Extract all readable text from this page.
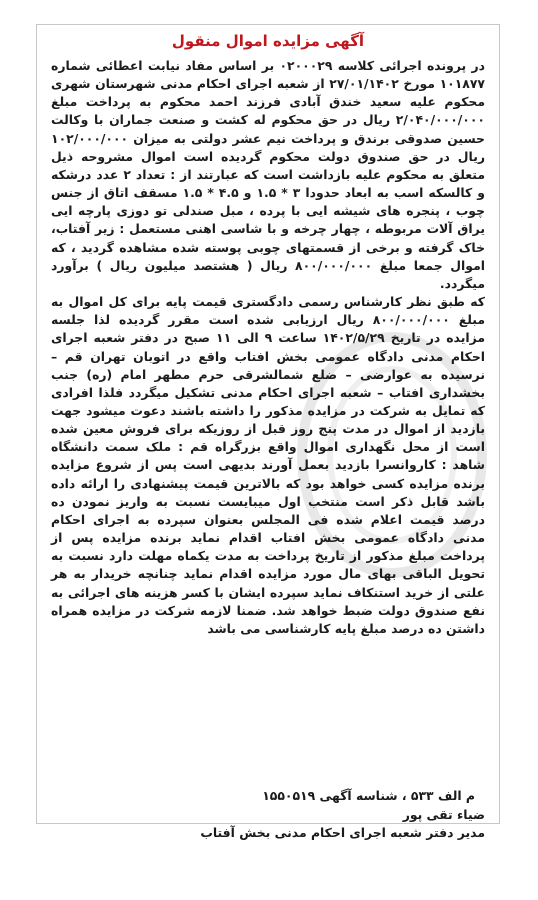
آگهی مزایده اموال منقول

در پرونده اجرائی کلاسه ۰۲۰۰۰۲۹ بر اساس مفاد نیابت اعطائی شماره ۱۰۱۸۷۷ مورخ ۲۷/۰۱/۱۴۰۲ از شعبه اجرای احکام مدنی شهرستان شهری محکوم علیه سعید خندق آبادی فرزند احمد محکوم به پرداخت مبلغ ۲/۰۴۰/۰۰۰/۰۰۰ ریال در حق محکوم له کشت و صنعت جماران با وکالت حسین صدوقی برندق و پرداخت نیم عشر دولتی به میزان ۱۰۲/۰۰۰/۰۰۰ ریال در حق صندوق دولت محکوم گردیده است اموال مشروحه ذیل متعلق به محکوم علیه بازداشت است که عبارتند از : تعداد ۲ عدد درشکه و کالسکه اسب به ابعاد حدودا ۳ * ۱.۵ و ۴.۵ * ۱.۵ مسقف اتاق از جنس چوب ، پنجره های شیشه ایی با پرده ، مبل صندلی تو دوزی پارچه ایی یراق آلات مربوطه ، چهار چرخه و با شاسی اهنی مستعمل : زیر آفتاب، خاک گرفته و برخی از قسمتهای چوبی پوسته شده مشاهده گردید ، که اموال جمعا مبلغ ۸۰۰/۰۰۰/۰۰۰ ریال ( هشتصد میلیون ریال ) برآورد میگردد.

که طبق نظر کارشناس رسمی دادگستری قیمت پایه برای کل اموال به مبلغ ۸۰۰/۰۰۰/۰۰۰ ریال ارزیابی شده است مقرر گردیده لذا جلسه مزایده در تاریخ ۱۴۰۲/۵/۲۹ ساعت ۹ الی ۱۱ صبح در دفتر شعبه اجرای احکام مدنی دادگاه عمومی بخش افتاب واقع در اتوبان تهران قم – نرسیده به عوارضی – ضلع شمالشرقی حرم مطهر امام (ره) جنب بخشداری افتاب – شعبه اجرای احکام مدنی تشکیل میگردد فلذا افرادی که تمایل به شرکت در مزایده مذکور را داشته باشند دعوت میشود جهت بازدید از اموال در مدت پنج روز قبل از روزیکه برای فروش معین شده است از محل نگهداری اموال واقع بزرگراه قم : ملک سمت دانشگاه شاهد : کاروانسرا بازدید بعمل آورند بدیهی است پس از شروع مزایده برنده مزایده کسی خواهد بود که بالاترین قیمت پیشنهادی را ارائه داده باشد قابل ذکر است منتخب اول میبایست نسبت به واریز نمودن ده درصد قیمت اعلام شده فی المجلس بعنوان سپرده به اجرای احکام مدنی دادگاه عمومی بخش افتاب اقدام نماید برنده مزایده پس از پرداخت مبلغ مذکور از تاریخ پرداخت به مدت یکماه مهلت دارد نسبت به تحویل الباقی بهای مال مورد مزایده اقدام نماید چنانچه خریدار به هر علتی از خرید استنکاف نماید سپرده ایشان با کسر هزینه های اجرائی به نفع صندوق دولت ضبط خواهد شد. ضمنا لازمه شرکت در مزایده همراه داشتن ده درصد مبلغ پایه کارشناسی می باشد

م الف ۵۳۳ ، شناسه آگهی ۱۵۵۰۵۱۹
ضیاء تقی پور
مدیر دفتر شعبه اجرای احکام مدنی بخش آفتاب
